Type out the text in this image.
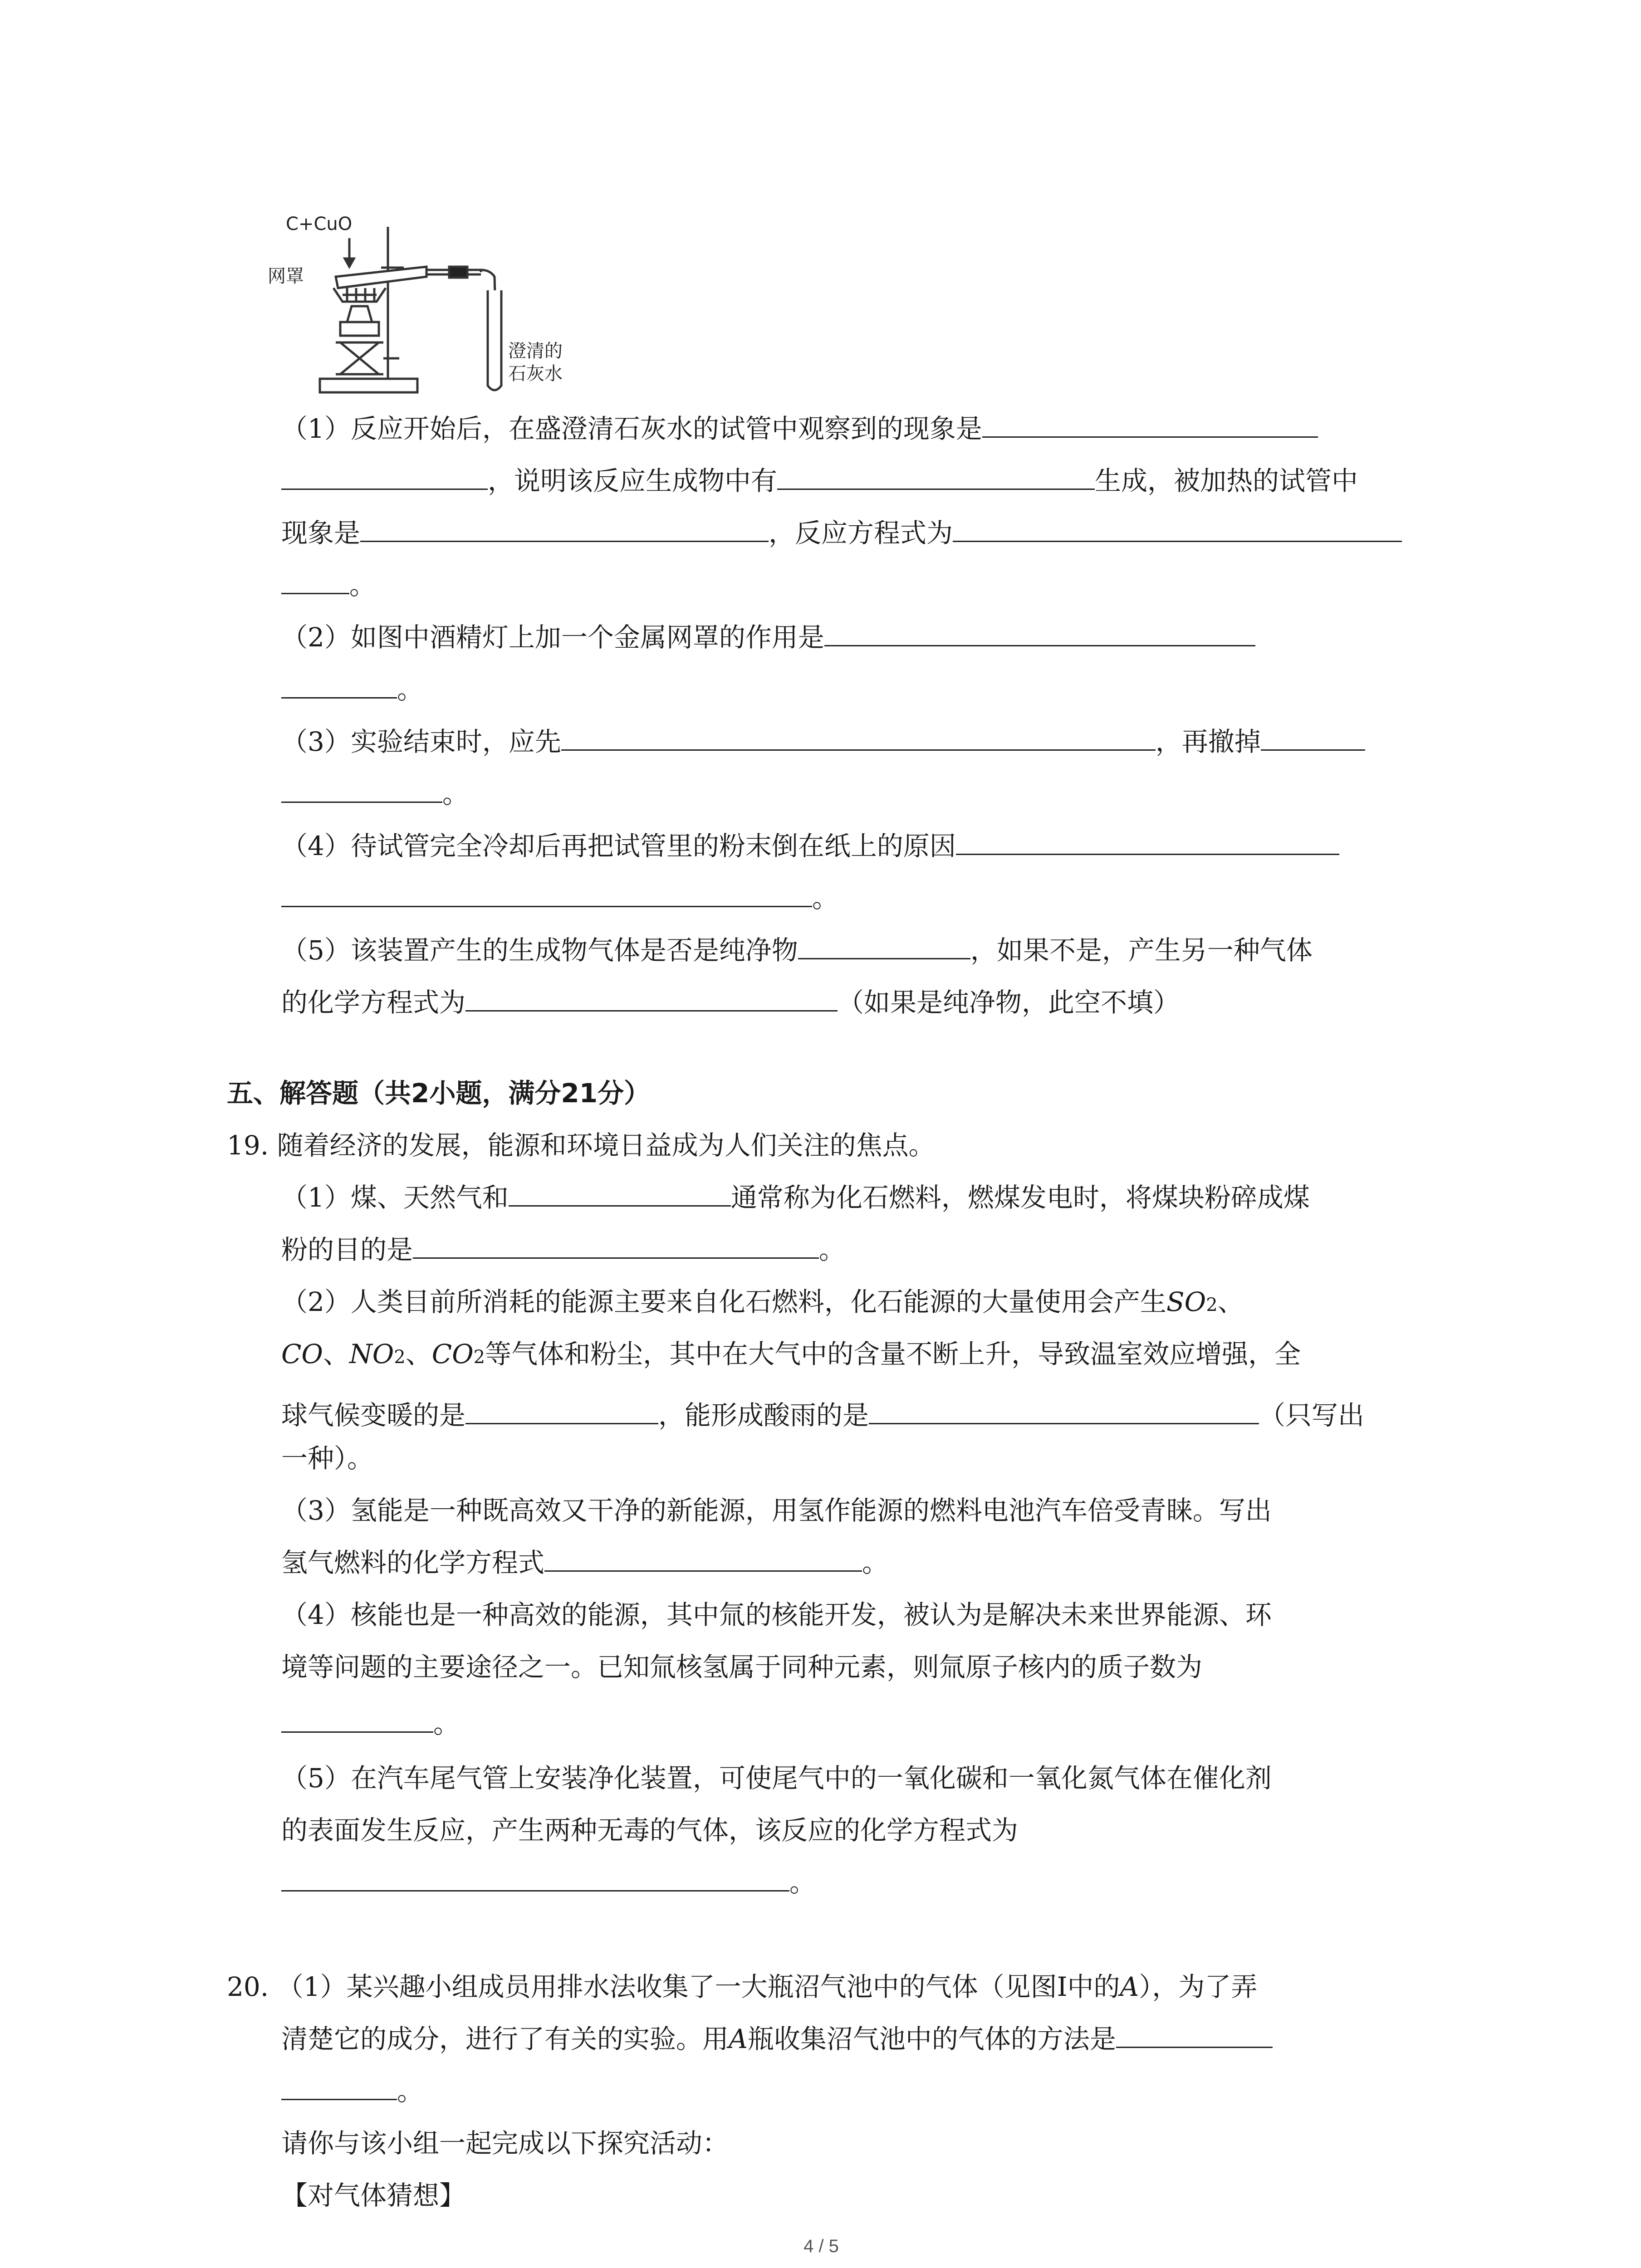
C+CuO
网罩
澄清的
石灰水
（1）反应开始后，在盛澄清石灰水的试管中观察到的现象是
，说明该反应生成物中有	生成，被加热的试管中
现象是	，反应方程式为
。
（2）如图中酒精灯上加一个金属网罩的作用是
。
（3）实验结束时，应先	，再撤掉
。
（4）待试管完全冷却后再把试管里的粉末倒在纸上的原因
。
（5）该装置产生的生成物气体是否是纯净物	，如果不是，产生另一种气体
的化学方程式为	（如果是纯净物，此空不填）
五、解答题（共2小题，满分21分）
19. 随着经济的发展，能源和环境日益成为人们关注的焦点。
（1）煤、天然气和	通常称为化石燃料，燃煤发电时，将煤块粉碎成煤
粉的目的是	。
（2）人类目前所消耗的能源主要来自化石燃料，化石能源的大量使用会产生SO2、
CO、NO2、CO2等气体和粉尘，其中在大气中的含量不断上升，导致温室效应增强，全
球气候变暖的是	，能形成酸雨的是	（只写出
一种）。
（3）氢能是一种既高效又干净的新能源，用氢作能源的燃料电池汽车倍受青睐。写出
氢气燃料的化学方程式	。
（4）核能也是一种高效的能源，其中氚的核能开发，被认为是解决未来世界能源、环
境等问题的主要途径之一。已知氚核氢属于同种元素，则氚原子核内的质子数为
。
（5）在汽车尾气管上安装净化装置，可使尾气中的一氧化碳和一氧化氮气体在催化剂
的表面发生反应，产生两种无毒的气体，该反应的化学方程式为
。
20. （1）某兴趣小组成员用排水法收集了一大瓶沼气池中的气体（见图Ⅰ中的A），为了弄
清楚它的成分，进行了有关的实验。用A瓶收集沼气池中的气体的方法是
。
请你与该小组一起完成以下探究活动：
【对气体猜想】
4 / 5
